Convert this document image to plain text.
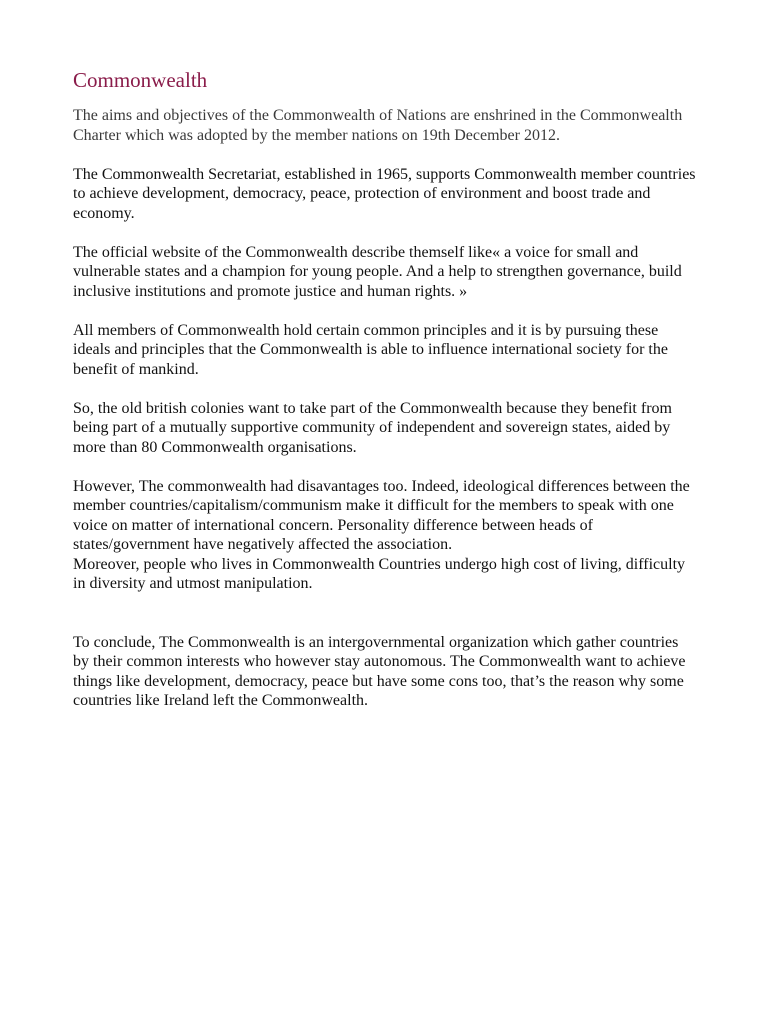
Commonwealth

The aims and objectives of the Commonwealth of Nations are enshrined in the Commonwealth Charter which was adopted by the member nations on 19th December 2012.

The Commonwealth Secretariat, established in 1965, supports Commonwealth member countries to achieve development, democracy, peace, protection of environment and boost trade and economy.

The official website of the Commonwealth describe themself like« a voice for small and vulnerable states and a champion for young people. And a help to strengthen governance, build inclusive institutions and promote justice and human rights. »

All members of Commonwealth hold certain common principles and it is by pursuing these ideals and principles that the Commonwealth is able to influence international society for the benefit of mankind.

So, the old british colonies want to take part of the Commonwealth because they benefit from being part of a mutually supportive community of independent and sovereign states, aided by more than 80 Commonwealth organisations.

However, The commonwealth had disavantages too. Indeed, ideological differences between the member countries/capitalism/communism make it difficult for the members to speak with one voice on matter of international concern. Personality difference between heads of states/government have negatively affected the association.

Moreover, people who lives in Commonwealth Countries undergo high cost of living, difficulty in diversity and utmost manipulation.

To conclude, The Commonwealth is an intergovernmental organization which gather countries by their common interests who however stay autonomous. The Commonwealth want to achieve things like development, democracy, peace but have some cons too, that’s the reason why some countries like Ireland left the Commonwealth.
